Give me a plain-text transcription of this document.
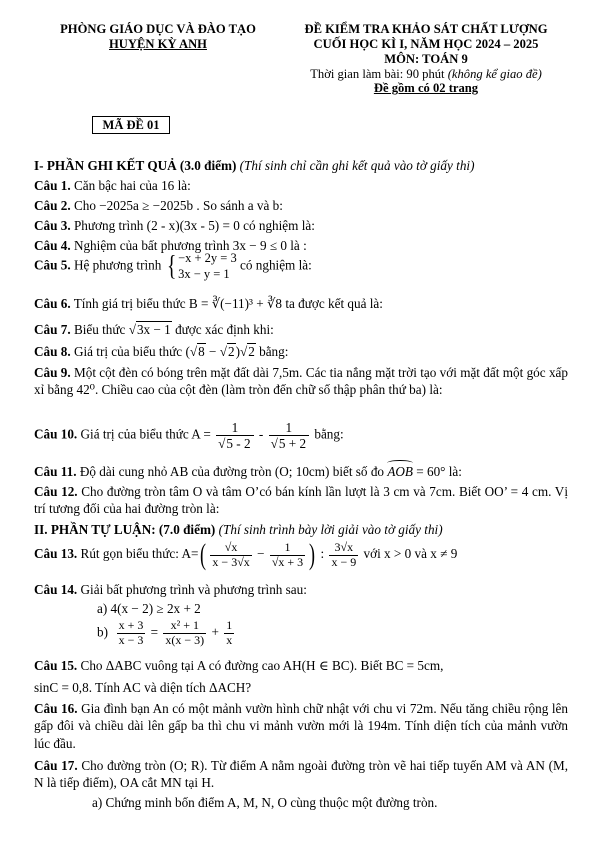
PHÒNG GIÁO DỤC VÀ ĐÀO TẠO
HUYỆN KỲ ANH
ĐỀ KIỂM TRA KHẢO SÁT CHẤT LƯỢNG
CUỐI HỌC KÌ I, NĂM HỌC 2024 – 2025
MÔN: TOÁN 9
Thời gian làm bài: 90 phút (không kể giao đề)
Đề gồm có 02 trang
MÃ ĐỀ 01
I- PHẦN GHI KẾT QUẢ (3.0 điểm) (Thí sinh chỉ cần ghi kết quả vào tờ giấy thi)
Câu 1. Căn bậc hai của 16 là:
Câu 2. Cho −2025a ≥ −2025b . So sánh a và b:
Câu 3. Phương trình (2 - x)(3x - 5) = 0 có nghiệm là:
Câu 4. Nghiệm của bất phương trình 3x − 9 ≤ 0 là :
Câu 5. Hệ phương trình { −x + 2y = 3
3x − y = 1
có nghiệm là:
Câu 6. Tính giá trị biểu thức B = ∛(−11)³ + ∛8 ta được kết quả là:
Câu 7. Biểu thức √3x − 1 được xác định khi:
Câu 8. Giá trị của biểu thức (√8 − √2)√2 bằng:
Câu 9. Một cột đèn có bóng trên mặt đất dài 7,5m. Các tia nắng mặt trời tạo với mặt đất một góc xấp xỉ bằng 42⁰. Chiều cao của cột đèn (làm tròn đến chữ số thập phân thứ ba) là:
Câu 10. Giá trị của biểu thức $A = \frac{1}{√5 - 2} - \frac{1}{√5 + 2}$ bằng:
Câu 11. Độ dài cung nhỏ AB của đường tròn (O; 10cm) biết số đo AOB = 60° là:
Câu 12. Cho đường tròn tâm O và tâm O’có bán kính lần lượt là 3 cm và 7cm. Biết OO’ = 4 cm. Vị trí tương đối của hai đường tròn là:
II. PHẦN TỰ LUẬN: (7.0 điểm) (Thí sinh trình bày lời giải vào tờ giấy thi)
Câu 13. Rút gọn biểu thức: $A=( \frac{√x}{x - 3√x} - \frac{1}{√x + 3}$ ) : $\frac{3√x}{x - 9}$ với x > 0 và x ≠ 9
Câu 14. Giải bất phương trình và phương trình sau:
a) 4(x − 2) ≥ 2x + 2
$b) \frac{x + 3}{x - 3} = \frac{\text{x² + 1}}{x(x - 3)} + \frac{1}{x}$
Câu 15. Cho ΔABC vuông tại A có đường cao AH(H ∈ BC). Biết BC = 5cm,
sinC = 0,8. Tính AC và diện tích ΔACH?
Câu 16. Gia đình bạn An có một mảnh vườn hình chữ nhật với chu vi 72m. Nếu tăng chiều rộng lên gấp đôi và chiều dài lên gấp ba thì chu vi mảnh vườn mới là 194m. Tính diện tích của mảnh vườn lúc đầu.
Câu 17. Cho đường tròn (O; R). Từ điểm A nằm ngoài đường tròn vẽ hai tiếp tuyến AM và AN (M, N là tiếp điểm), OA cắt MN tại H.
a) Chứng minh bốn điểm A, M, N, O cùng thuộc một đường tròn.
